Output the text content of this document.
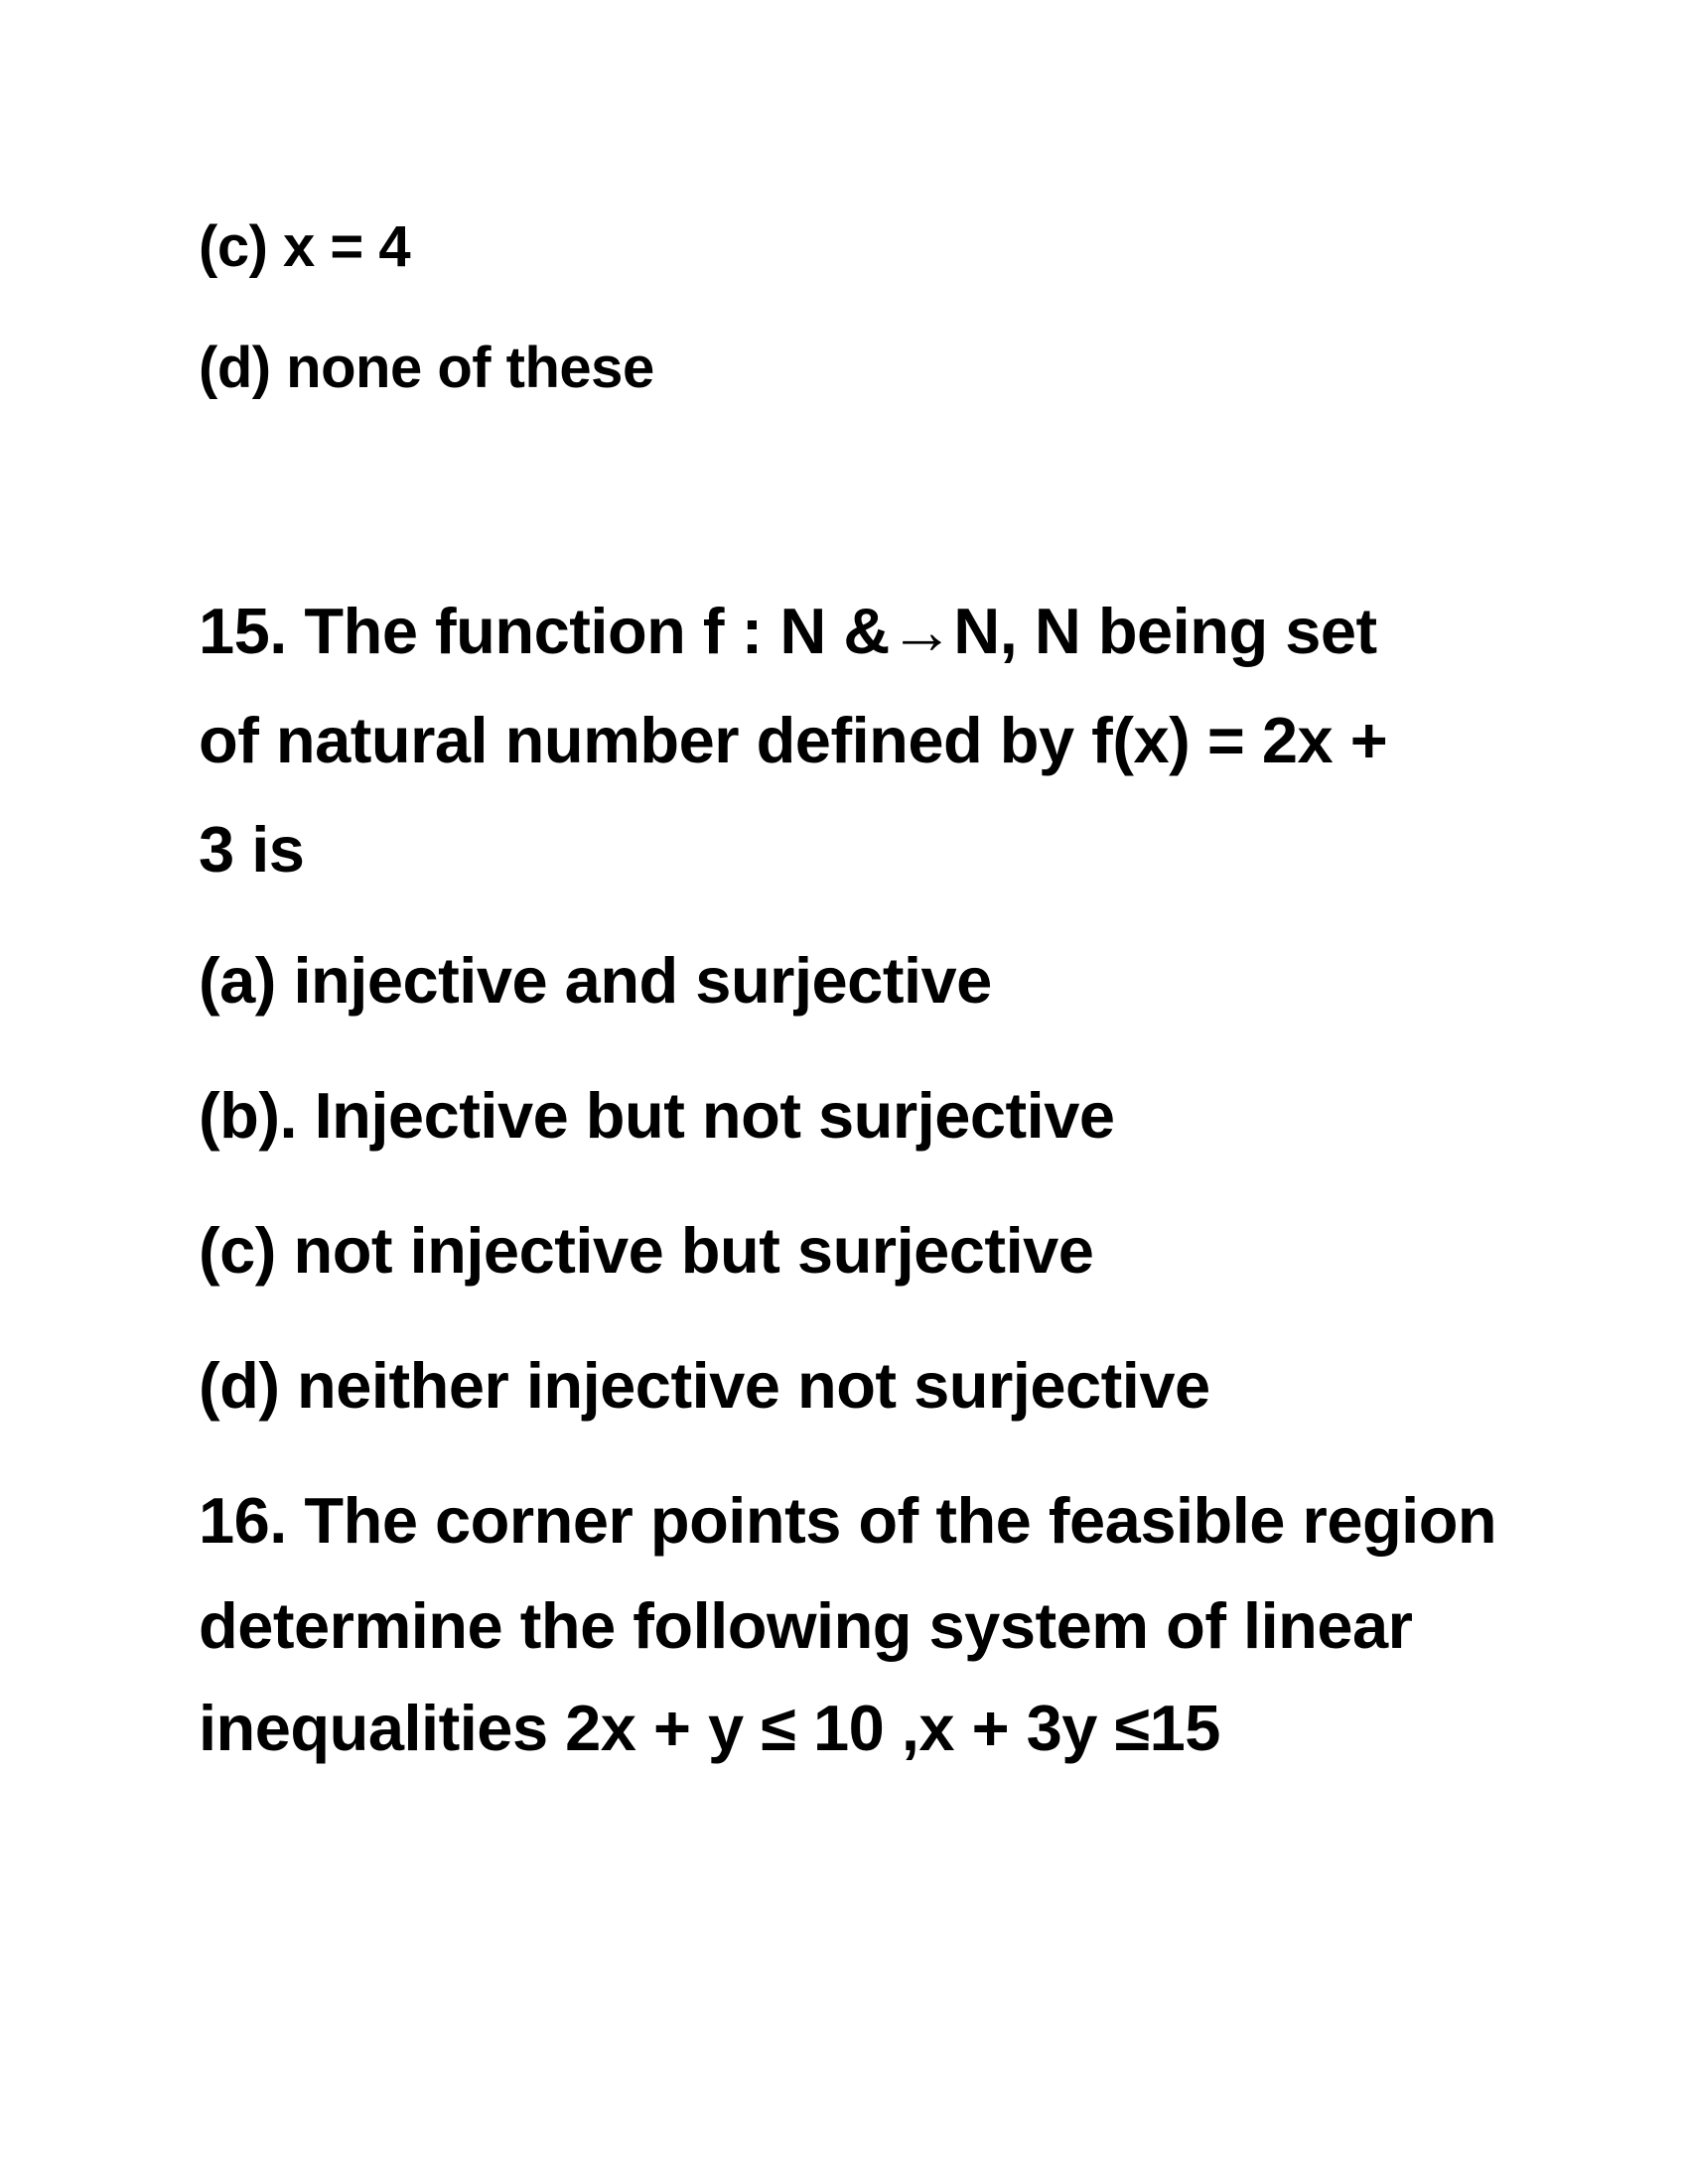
(c) x = 4
(d) none of these
15. The function f : N &→N, N being set
of natural number defined by f(x) = 2x +
3 is
(a) injective and surjective
(b). Injective but not surjective
(c) not injective but surjective
(d) neither injective not surjective
16. The corner points of the feasible region
determine the following system of linear
inequalities 2x + y ≤ 10 ,x + 3y ≤15
